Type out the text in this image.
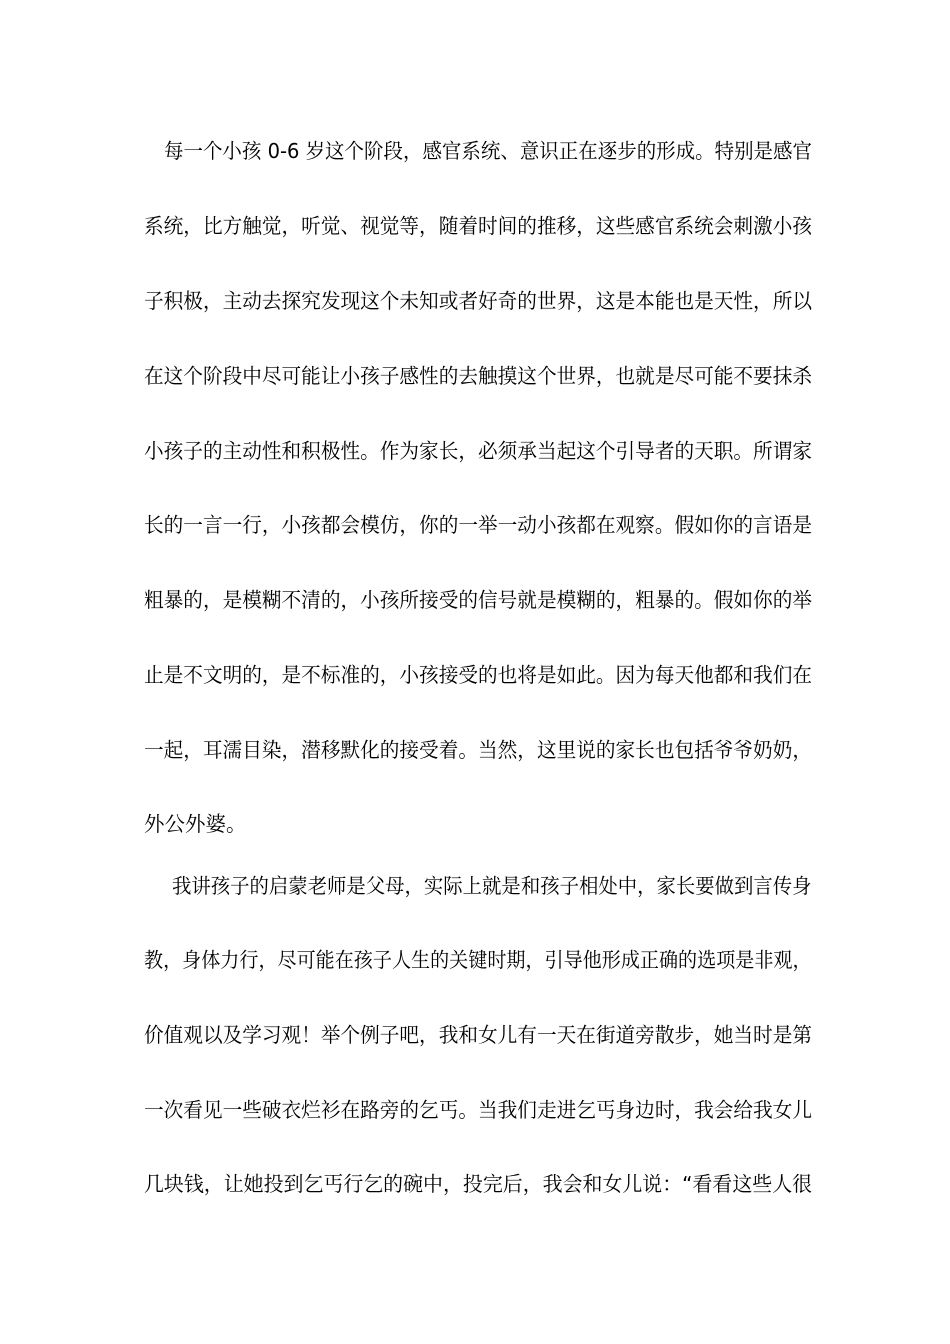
每一个小孩 0-6 岁这个阶段，感官系统、意识正在逐步的形成。特别是感官
系统，比方触觉，听觉、视觉等，随着时间的推移，这些感官系统会刺激小孩
子积极，主动去探究发现这个未知或者好奇的世界，这是本能也是天性，所以
在这个阶段中尽可能让小孩子感性的去触摸这个世界，也就是尽可能不要抹杀
小孩子的主动性和积极性。作为家长，必须承当起这个引导者的天职。所谓家
长的一言一行，小孩都会模仿，你的一举一动小孩都在观察。假如你的言语是
粗暴的，是模糊不清的，小孩所接受的信号就是模糊的，粗暴的。假如你的举
止是不文明的，是不标准的，小孩接受的也将是如此。因为每天他都和我们在
一起，耳濡目染，潜移默化的接受着。当然，这里说的家长也包括爷爷奶奶，
外公外婆。
我讲孩子的启蒙老师是父母，实际上就是和孩子相处中，家长要做到言传身
教，身体力行，尽可能在孩子人生的关键时期，引导他形成正确的选项是非观，
价值观以及学习观！举个例子吧，我和女儿有一天在街道旁散步，她当时是第
一次看见一些破衣烂衫在路旁的乞丐。当我们走进乞丐身边时，我会给我女儿
几块钱，让她投到乞丐行乞的碗中，投完后，我会和女儿说：“看看这些人很
